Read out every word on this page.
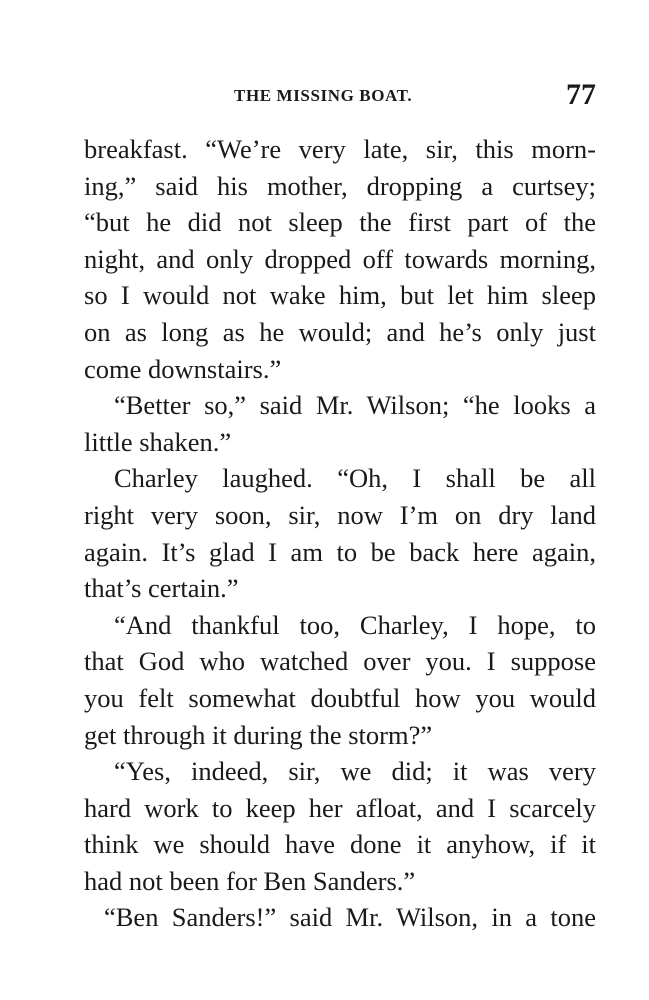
THE MISSING BOAT.	77
breakfast. “We’re very late, sir, this morn-
ing,” said his mother, dropping a curtsey;
“but he did not sleep the first part of the
night, and only dropped off towards morning,
so I would not wake him, but let him sleep
on as long as he would; and he’s only just
come downstairs.”
“Better so,” said Mr. Wilson; “he looks a
little shaken.”
Charley laughed. “Oh, I shall be all
right very soon, sir, now I’m on dry land
again. It’s glad I am to be back here again,
that’s certain.”
“And thankful too, Charley, I hope, to
that God who watched over you. I suppose
you felt somewhat doubtful how you would
get through it during the storm?”
“Yes, indeed, sir, we did; it was very
hard work to keep her afloat, and I scarcely
think we should have done it anyhow, if it
had not been for Ben Sanders.”
“Ben Sanders!” said Mr. Wilson, in a tone
